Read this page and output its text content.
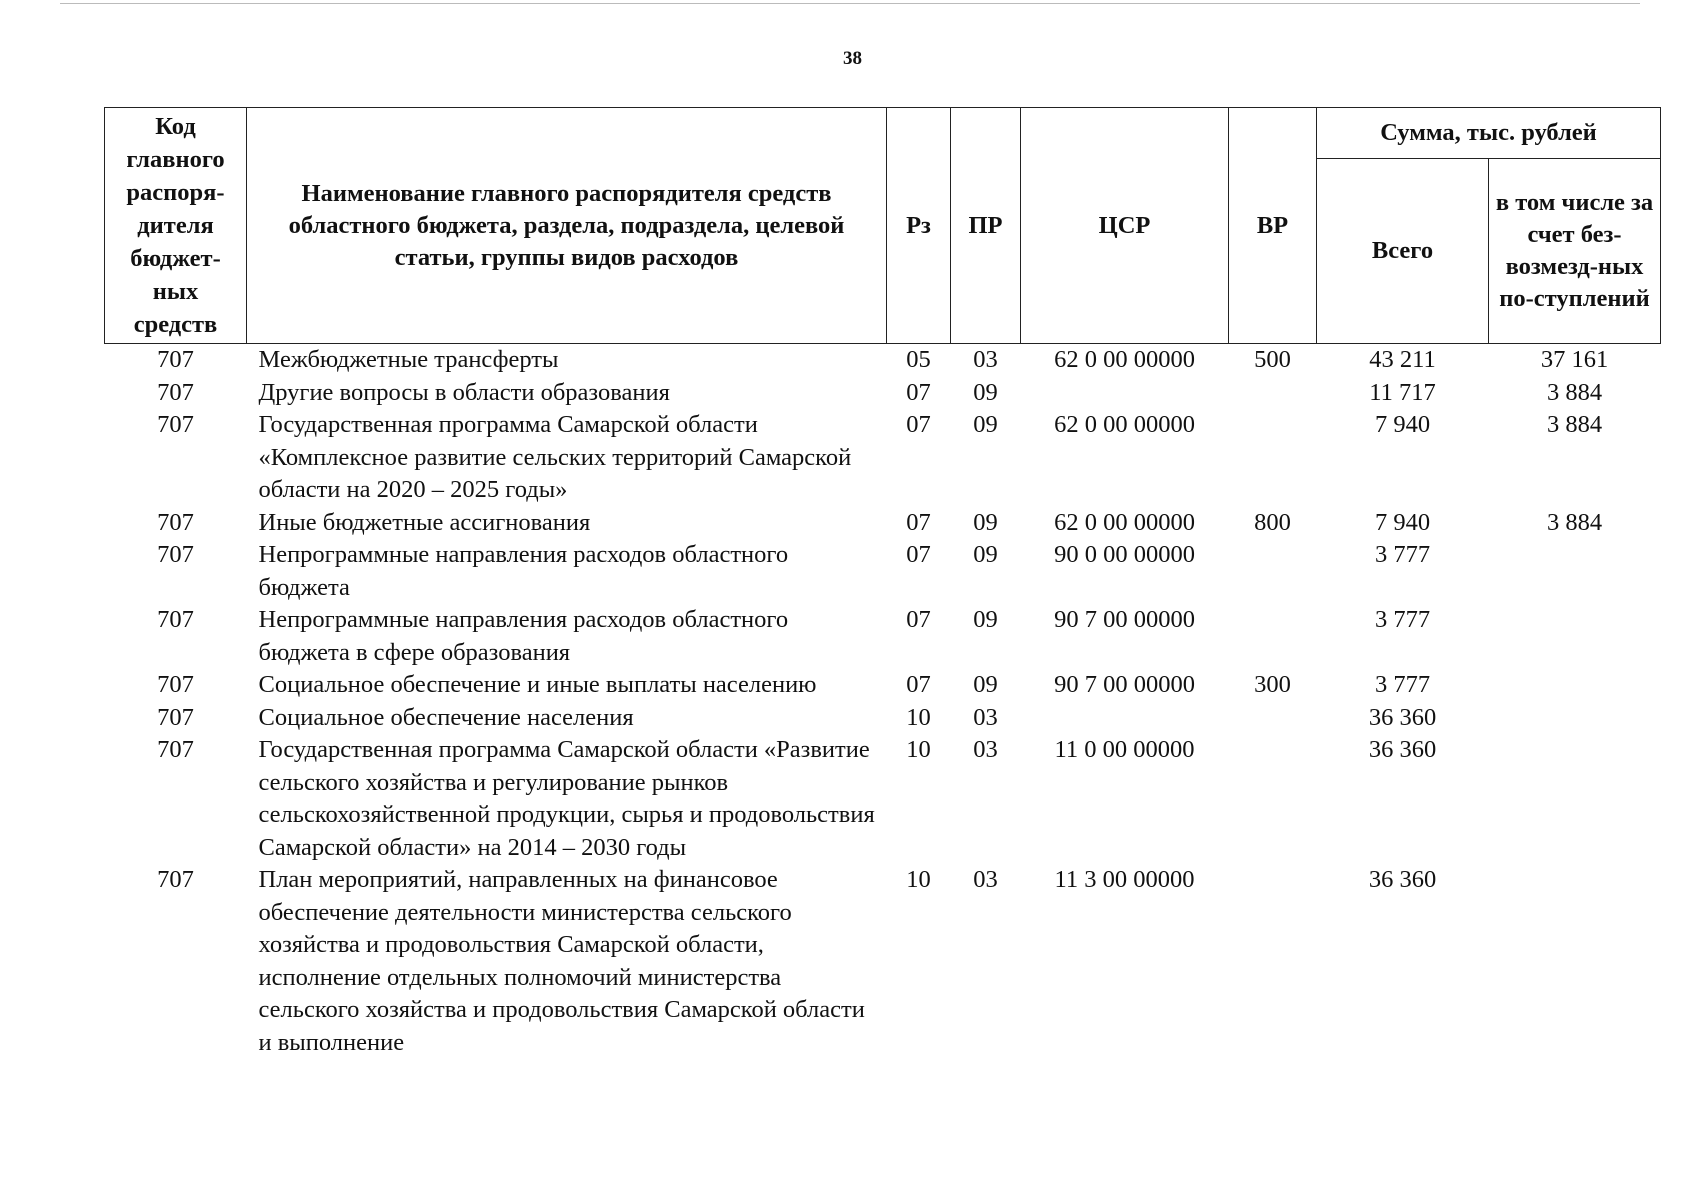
38
Код главного распоря-дителя бюджет-ных средств	Наименование главного распорядителя средств областного бюджета, раздела, подраздела, целевой статьи, группы видов расходов	Рз	ПР	ЦСР	ВР	Сумма, тыс. рублей	
						Всего	в том числе за счет без-возмезд-ных по-ступлений
707	Межбюджетные трансферты	05	03	62 0 00 00000	500	43 211	37 161
707	Другие вопросы в области образования	07	09			11 717	3 884
707	Государственная программа Самарской области «Комплексное развитие сельских территорий Самарской области на 2020 – 2025 годы»	07	09	62 0 00 00000		7 940	3 884
707	Иные бюджетные ассигнования	07	09	62 0 00 00000	800	7 940	3 884
707	Непрограммные направления расходов областного бюджета	07	09	90 0 00 00000		3 777	
707	Непрограммные направления расходов областного бюджета в сфере образования	07	09	90 7 00 00000		3 777	
707	Социальное обеспечение и иные выплаты населению	07	09	90 7 00 00000	300	3 777	
707	Социальное обеспечение населения	10	03			36 360	
707	Государственная программа Самарской области «Развитие сельского хозяйства и регулирование рынков сельскохозяйственной продукции, сырья и продовольствия Самарской области» на 2014 – 2030 годы	10	03	11 0 00 00000		36 360	
707	План мероприятий, направленных на финансовое обеспечение деятельности министерства сельского хозяйства и продовольствия Самарской области, исполнение отдельных полномочий министерства сельского хозяйства и продовольствия Самарской области и выполнение	10	03	11 3 00 00000		36 360	
